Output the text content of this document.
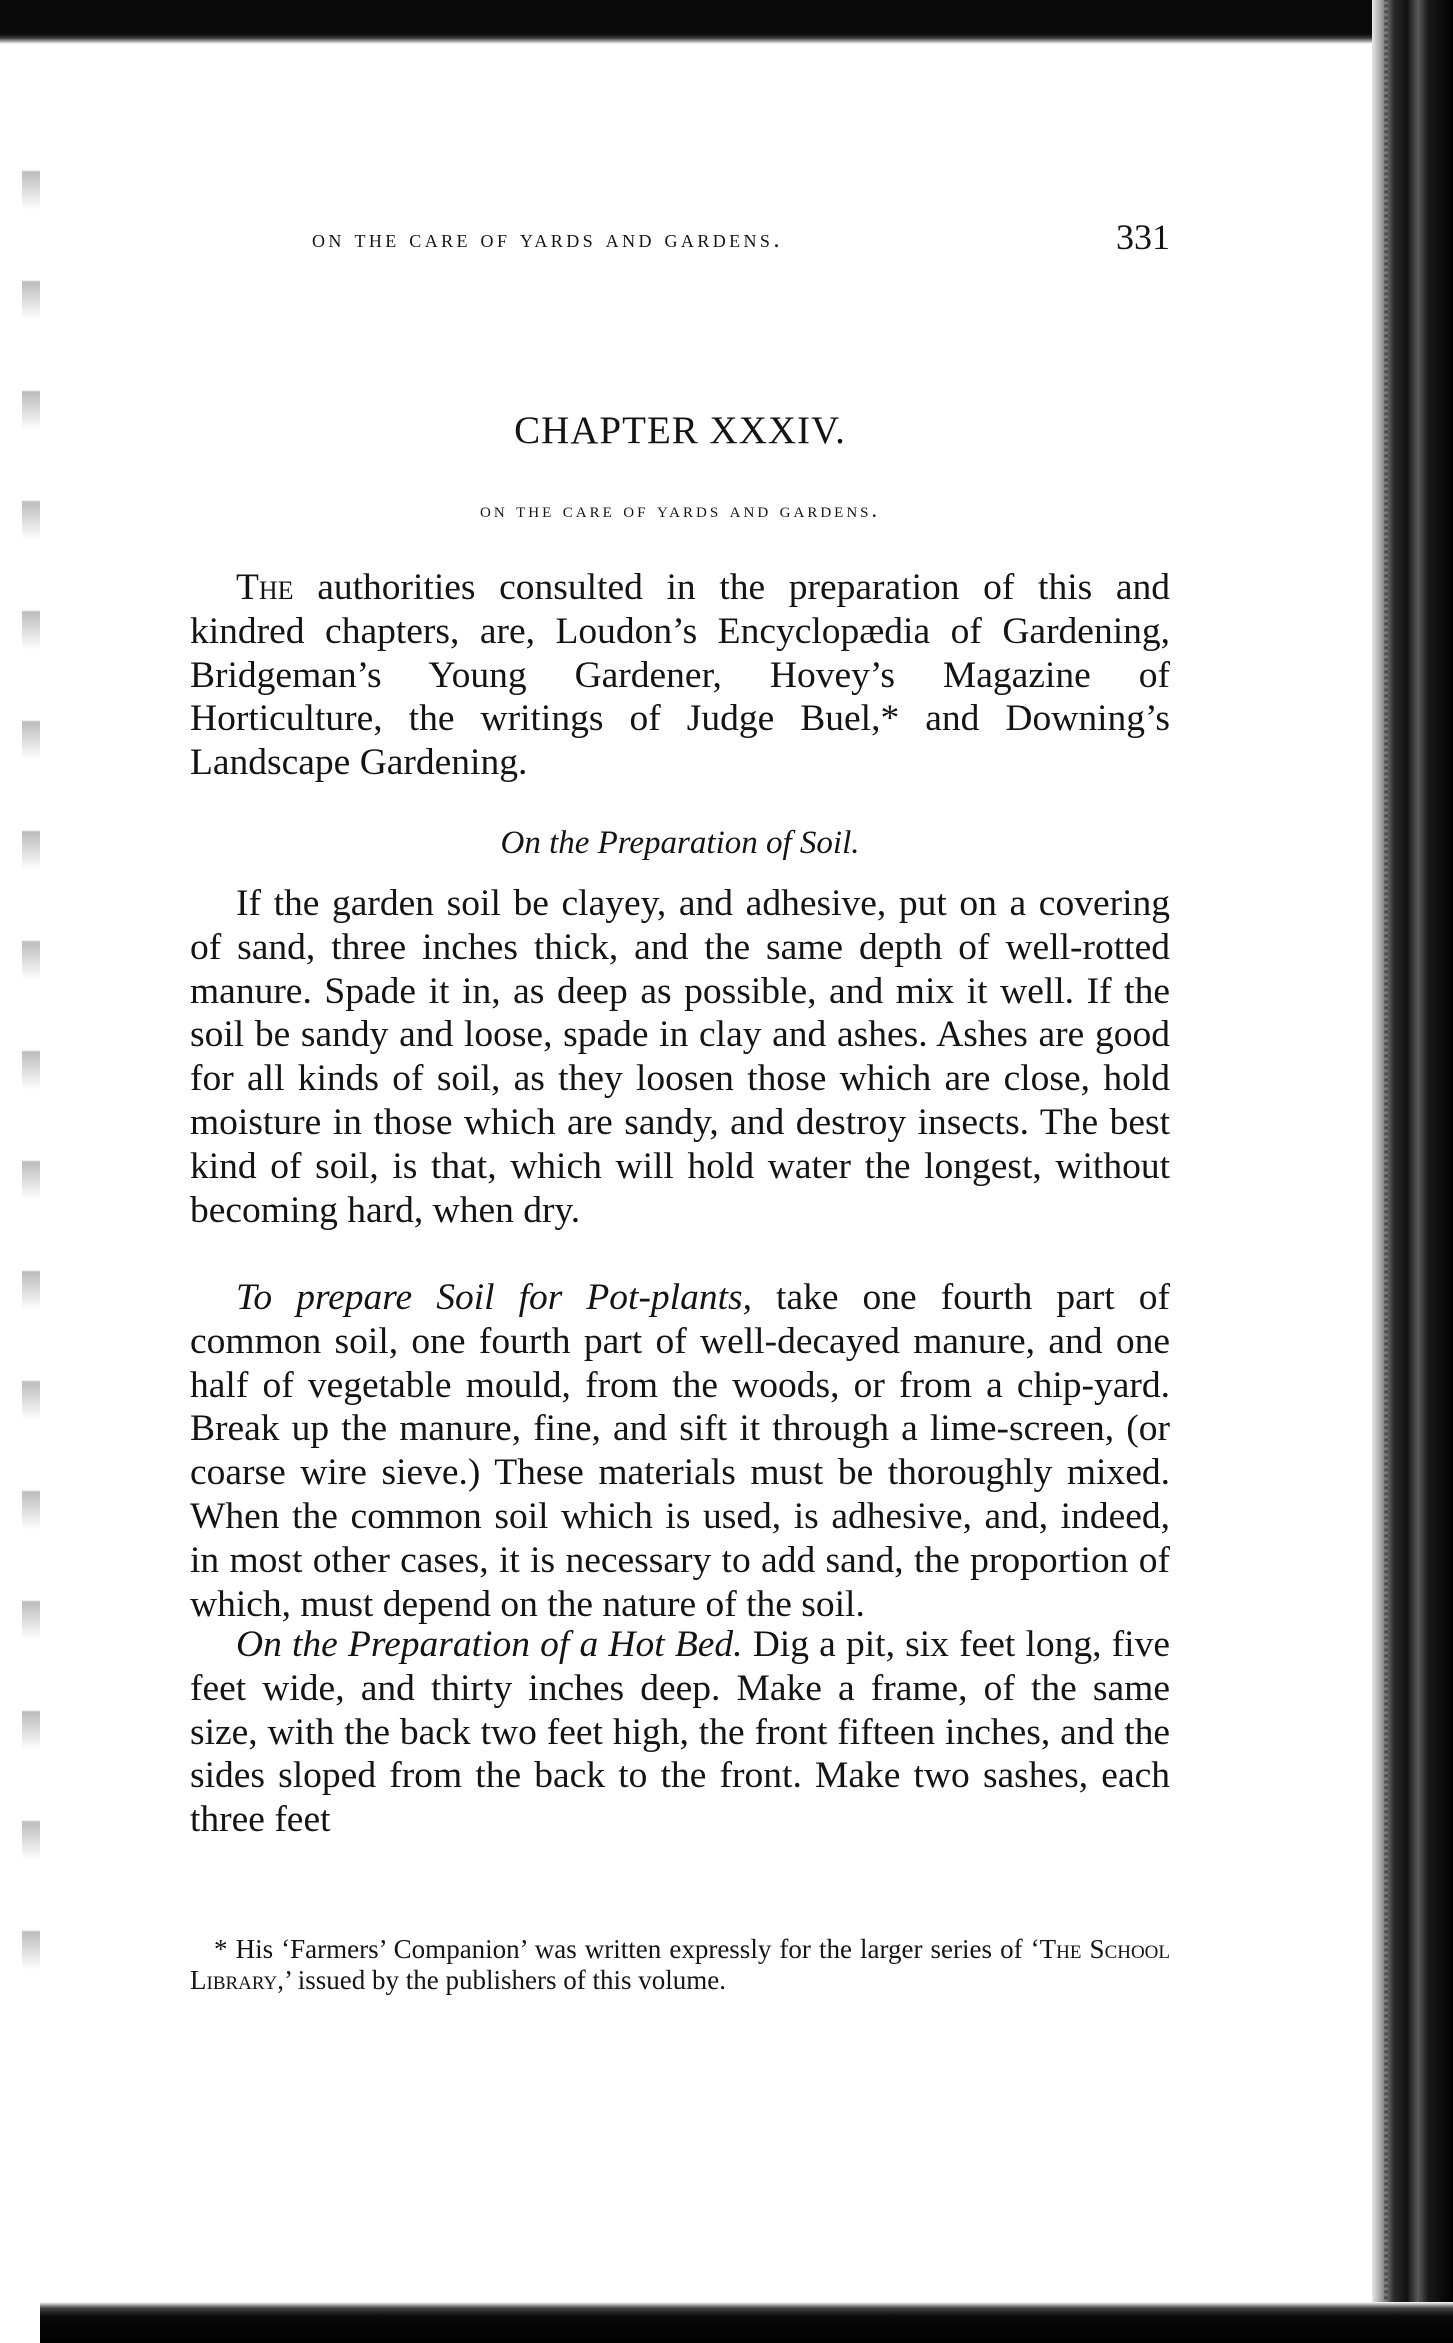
on the care of yards and gardens.	331
CHAPTER XXXIV.
on the care of yards and gardens.

The authorities consulted in the preparation of this and kindred chapters, are, Loudon’s Encyclopædia of Gardening, Bridgeman’s Young Gardener, Hovey’s Magazine of Horticulture, the writings of Judge Buel,* and Downing’s Landscape Gardening.

On the Preparation of Soil.

If the garden soil be clayey, and adhesive, put on a covering of sand, three inches thick, and the same depth of well-rotted manure. Spade it in, as deep as possible, and mix it well. If the soil be sandy and loose, spade in clay and ashes. Ashes are good for all kinds of soil, as they loosen those which are close, hold moisture in those which are sandy, and destroy insects. The best kind of soil, is that, which will hold water the longest, without becoming hard, when dry.

To prepare Soil for Pot-plants, take one fourth part of common soil, one fourth part of well-decayed manure, and one half of vegetable mould, from the woods, or from a chip-yard. Break up the manure, fine, and sift it through a lime-screen, (or coarse wire sieve.) These materials must be thoroughly mixed. When the common soil which is used, is adhesive, and, indeed, in most other cases, it is necessary to add sand, the proportion of which, must depend on the nature of the soil.

On the Preparation of a Hot Bed. Dig a pit, six feet long, five feet wide, and thirty inches deep. Make a frame, of the same size, with the back two feet high, the front fifteen inches, and the sides sloped from the back to the front. Make two sashes, each three feet

* His ‘Farmers’ Companion’ was written expressly for the larger series of ‘The School Library,’ issued by the publishers of this volume.
